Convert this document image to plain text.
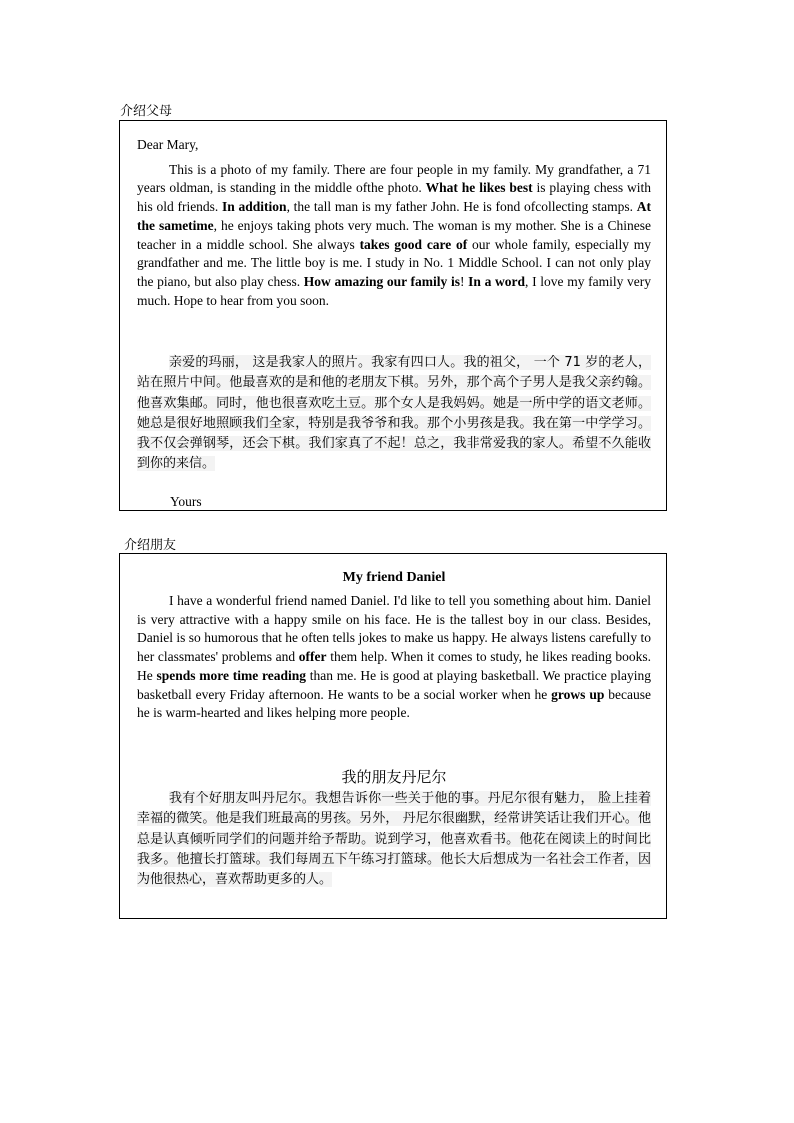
介绍父母

Dear Mary,

This is a photo of my family. There are four people in my family. My grandfather, a 71 years oldman, is standing in the middle ofthe photo. What he likes best is playing chess with his old friends. In addition, the tall man is my father John. He is fond ofcollecting stamps. At the sametime, he enjoys taking phots very much. The woman is my mother. She is a Chinese teacher in a middle school. She always takes good care of our whole family, especially my grandfather and me. The little boy is me. I study in No. 1 Middle School. I can not only play the piano, but also play chess. How amazing our family is! In a word, I love my family very much. Hope to hear from you soon.

亲爱的玛丽， 这是我家人的照片。我家有四口人。我的祖父， 一个 71 岁的老人，站在照片中间。他最喜欢的是和他的老朋友下棋。另外，那个高个子男人是我父亲约翰。他喜欢集邮。同时，他也很喜欢吃土豆。那个女人是我妈妈。她是一所中学的语文老师。她总是很好地照顾我们全家，特别是我爷爷和我。那个小男孩是我。我在第一中学学习。我不仅会弹钢琴，还会下棋。我们家真了不起！总之，我非常爱我的家人。希望不久能收到你的来信。

Yours
介绍朋友

My friend Daniel

I have a wonderful friend named Daniel. I'd like to tell you something about him. Daniel is very attractive with a happy smile on his face. He is the tallest boy in our class. Besides, Daniel is so humorous that he often tells jokes to make us happy. He always listens carefully to her classmates' problems and offer them help. When it comes to study, he likes reading books. He spends more time reading than me. He is good at playing basketball. We practice playing basketball every Friday afternoon. He wants to be a social worker when he grows up because he is warm-hearted and likes helping more people.

我的朋友丹尼尔

我有个好朋友叫丹尼尔。我想告诉你一些关于他的事。丹尼尔很有魅力， 脸上挂着幸福的微笑。他是我们班最高的男孩。另外， 丹尼尔很幽默，经常讲笑话让我们开心。他总是认真倾听同学们的问题并给予帮助。说到学习，他喜欢看书。他花在阅读上的时间比我多。他擅长打篮球。我们每周五下午练习打篮球。他长大后想成为一名社会工作者，因为他很热心，喜欢帮助更多的人。
